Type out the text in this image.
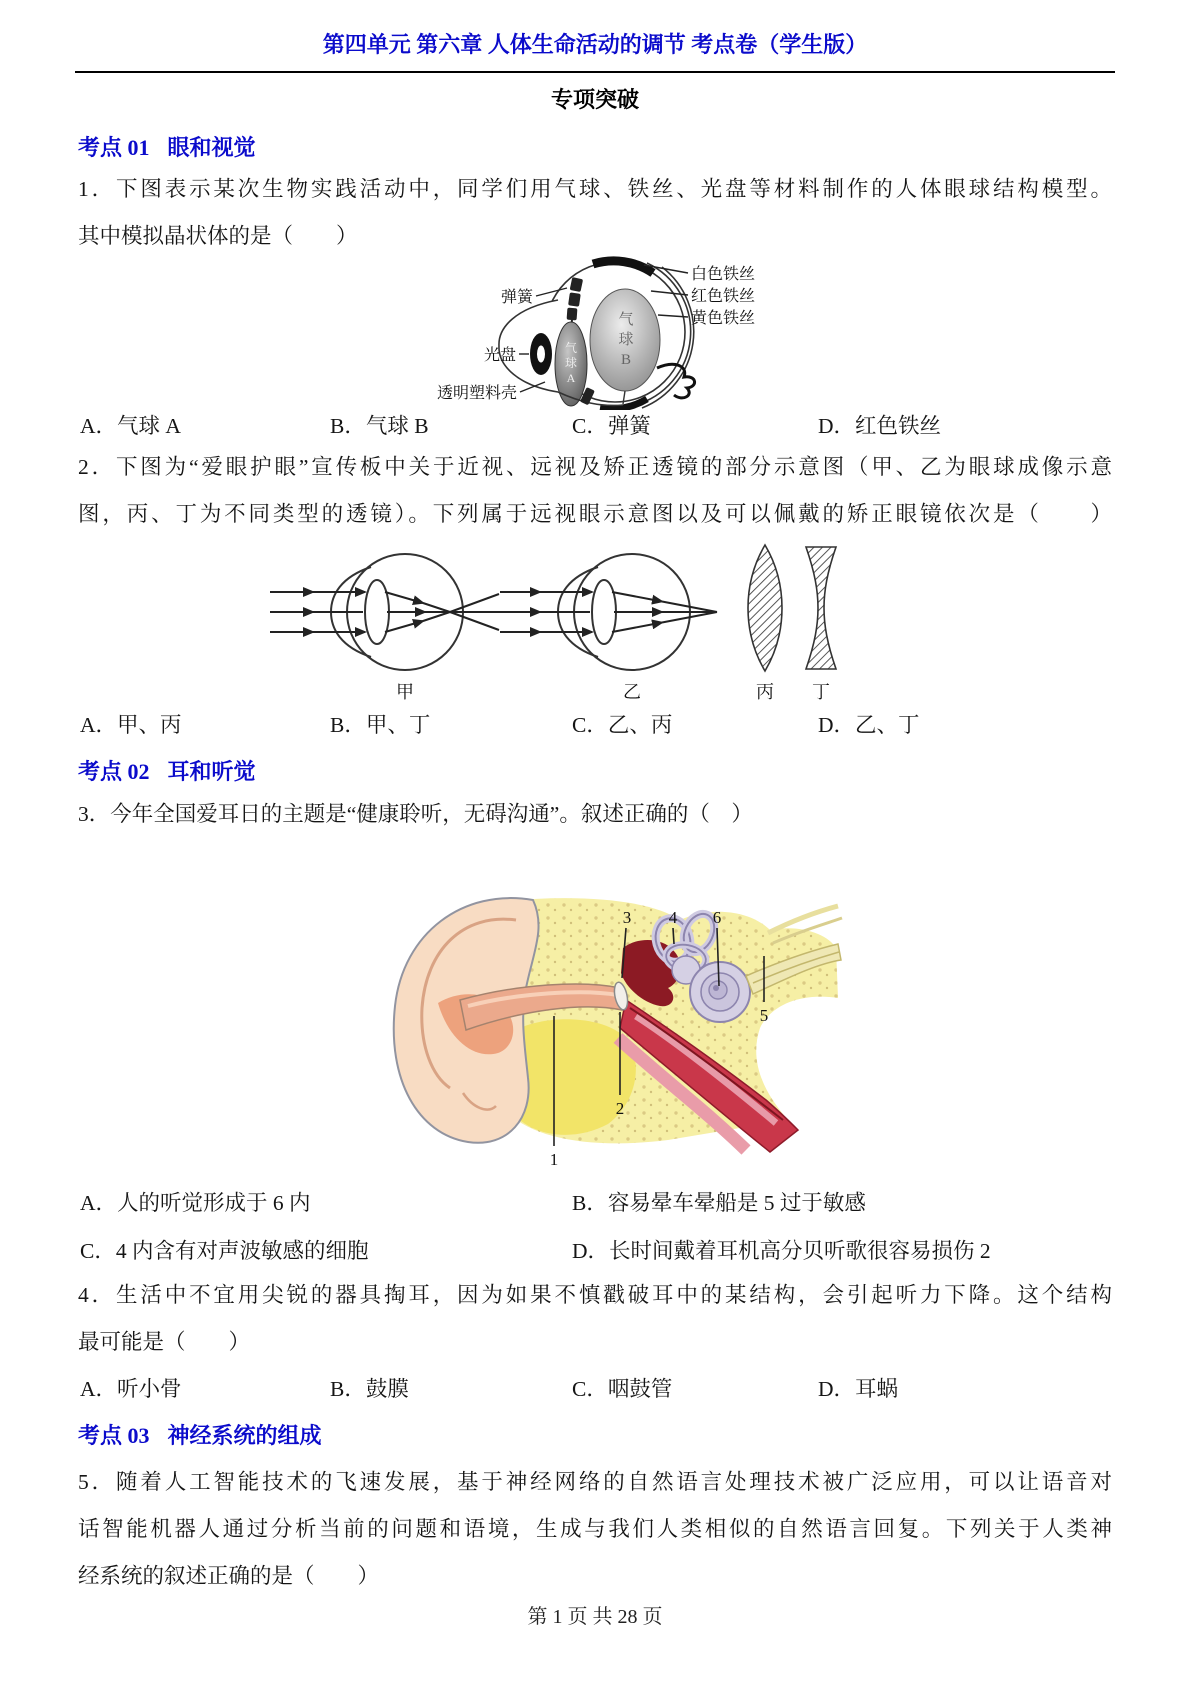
第四单元 第六章 人体生命活动的调节 考点卷（学生版）
专项突破
考点 01 眼和视觉
1．下图表示某次生物实践活动中，同学们用气球、铁丝、光盘等材料制作的人体眼球结构模型。
其中模拟晶状体的是（　　）
气
球
A
气
球
B
弹簧
光盘
透明塑料壳
白色铁丝
红色铁丝
黄色铁丝
A．气球 A	B．气球 B	C．弹簧	D．红色铁丝
2．下图为“爱眼护眼”宣传板中关于近视、远视及矫正透镜的部分示意图（甲、乙为眼球成像示意
图，丙、丁为不同类型的透镜）。下列属于远视眼示意图以及可以佩戴的矫正眼镜依次是（　　）
甲	乙	丙 丁
A．甲、丙	B．甲、丁	C．乙、丙	D．乙、丁
考点 02 耳和听觉
3．今年全国爱耳日的主题是“健康聆听，无碍沟通”。叙述正确的（　）
1
2
3 4 6
5
A．人的听觉形成于 6 内	B．容易晕车晕船是 5 过于敏感
C．4 内含有对声波敏感的细胞	D．长时间戴着耳机高分贝听歌很容易损伤 2
4．生活中不宜用尖锐的器具掏耳，因为如果不慎戳破耳中的某结构，会引起听力下降。这个结构
最可能是（　　）
A．听小骨	B．鼓膜	C．咽鼓管	D．耳蜗
考点 03 神经系统的组成
5．随着人工智能技术的飞速发展，基于神经网络的自然语言处理技术被广泛应用，可以让语音对
话智能机器人通过分析当前的问题和语境，生成与我们人类相似的自然语言回复。下列关于人类神
经系统的叙述正确的是（　　）
第 1 页 共 28 页
